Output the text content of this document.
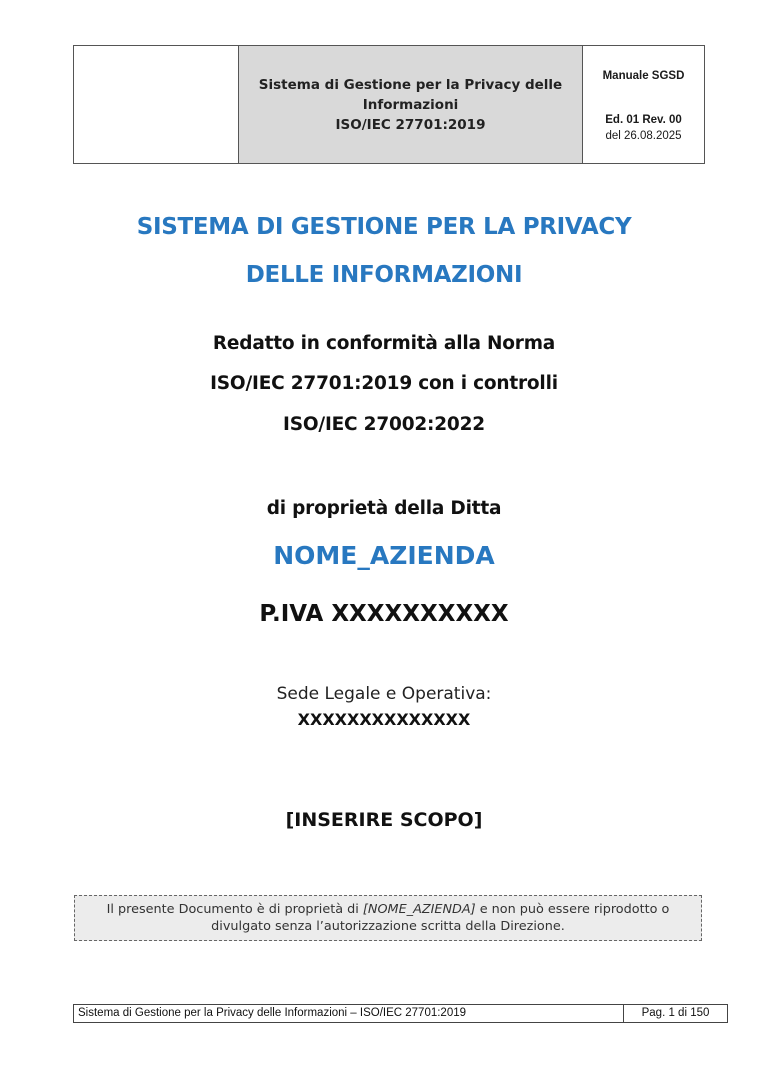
Sistema di Gestione per la Privacy delle
Informazioni
ISO/IEC 27701:2019
Manuale SGSD
Ed. 01 Rev. 00
del 26.08.2025
SISTEMA DI GESTIONE PER LA PRIVACY
DELLE INFORMAZIONI
Redatto in conformità alla Norma
ISO/IEC 27701:2019 con i controlli
ISO/IEC 27002:2022
di proprietà della Ditta
NOME_AZIENDA
P.IVA XXXXXXXXXX
Sede Legale e Operativa:
XXXXXXXXXXXXXX
[INSERIRE SCOPO]
Il presente Documento è di proprietà di [NOME_AZIENDA] e non può essere riprodotto o
divulgato senza l’autorizzazione scritta della Direzione.
Sistema di Gestione per la Privacy delle Informazioni – ISO/IEC 27701:2019	Pag. 1 di 150
